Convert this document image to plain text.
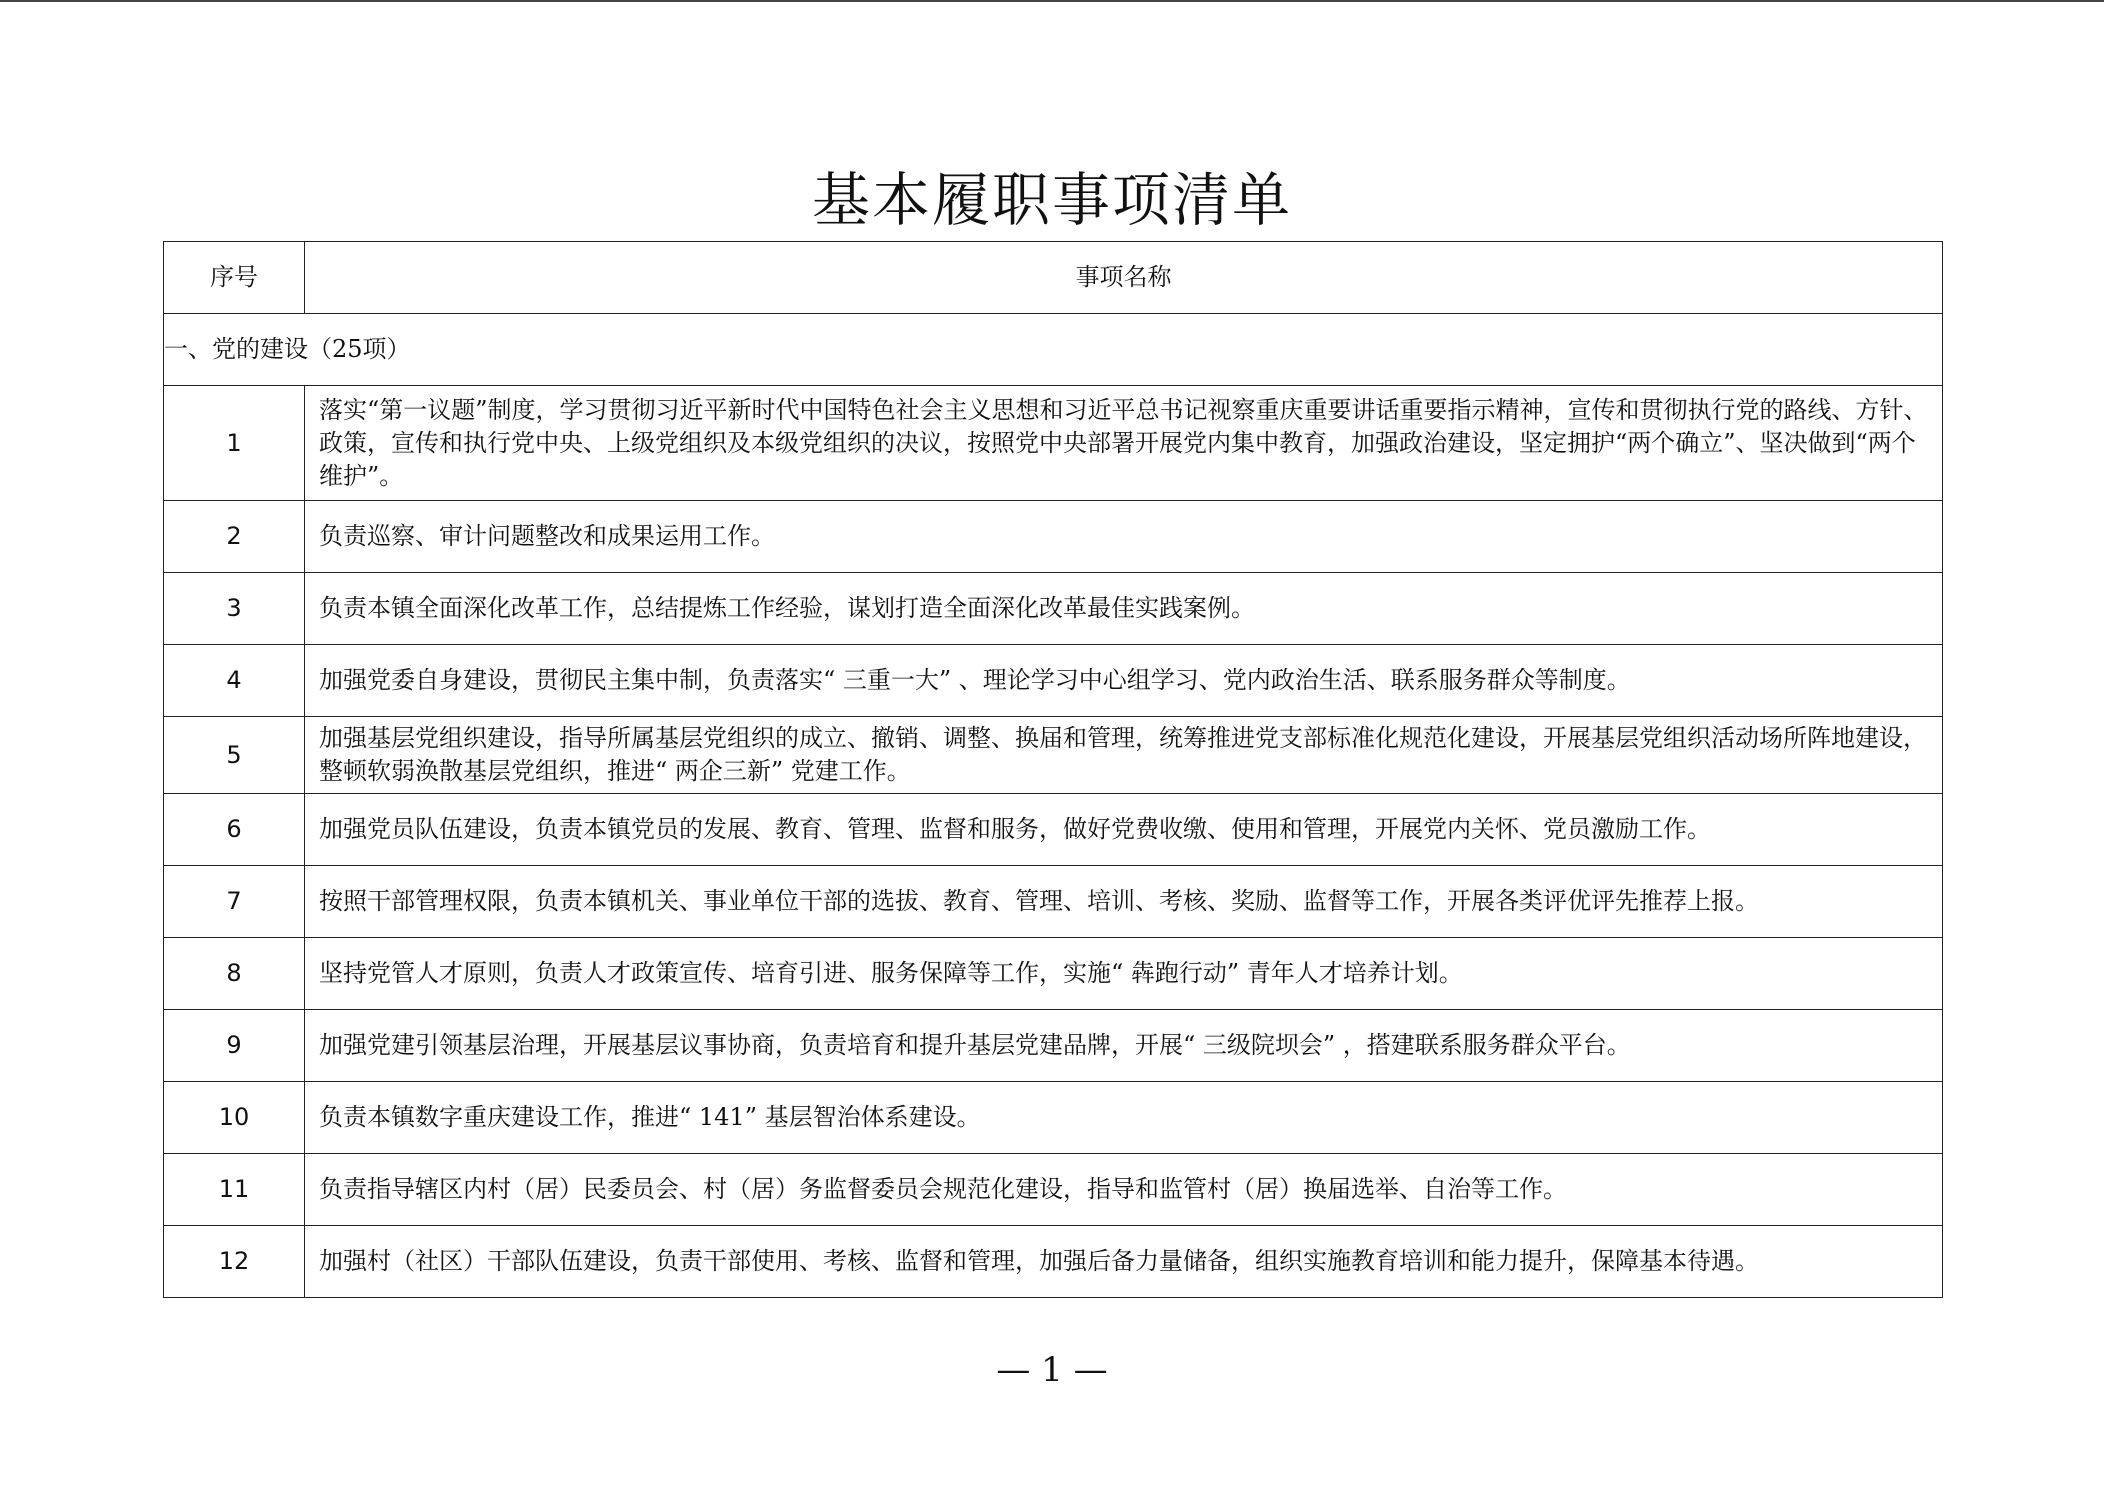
基本履职事项清单
序号	事项名称
一、党的建设（25项）	
1	落实“第一议题”制度，学习贯彻习近平新时代中国特色社会主义思想和习近平总书记视察重庆重要讲话重要指示精神，宣传和贯彻执行党的路线、方针、政策，宣传和执行党中央、上级党组织及本级党组织的决议，按照党中央部署开展党内集中教育，加强政治建设，坚定拥护“两个确立”、坚决做到“两个维护”。
2	负责巡察、审计问题整改和成果运用工作。
3	负责本镇全面深化改革工作，总结提炼工作经验，谋划打造全面深化改革最佳实践案例。
4	加强党委自身建设，贯彻民主集中制，负责落实“ 三重一大” 、理论学习中心组学习、党内政治生活、联系服务群众等制度。
5	加强基层党组织建设，指导所属基层党组织的成立、撤销、调整、换届和管理，统筹推进党支部标准化规范化建设，开展基层党组织活动场所阵地建设，整顿软弱涣散基层党组织，推进“ 两企三新” 党建工作。
6	加强党员队伍建设，负责本镇党员的发展、教育、管理、监督和服务，做好党费收缴、使用和管理，开展党内关怀、党员激励工作。
7	按照干部管理权限，负责本镇机关、事业单位干部的选拔、教育、管理、培训、考核、奖励、监督等工作，开展各类评优评先推荐上报。
8	坚持党管人才原则，负责人才政策宣传、培育引进、服务保障等工作，实施“ 犇跑行动” 青年人才培养计划。
9	加强党建引领基层治理，开展基层议事协商，负责培育和提升基层党建品牌，开展“ 三级院坝会” ，搭建联系服务群众平台。
10	负责本镇数字重庆建设工作，推进“ 141” 基层智治体系建设。
11	负责指导辖区内村（居）民委员会、村（居）务监督委员会规范化建设，指导和监管村（居）换届选举、自治等工作。
12	加强村（社区）干部队伍建设，负责干部使用、考核、监督和管理，加强后备力量储备，组织实施教育培训和能力提升，保障基本待遇。
— 1 —
